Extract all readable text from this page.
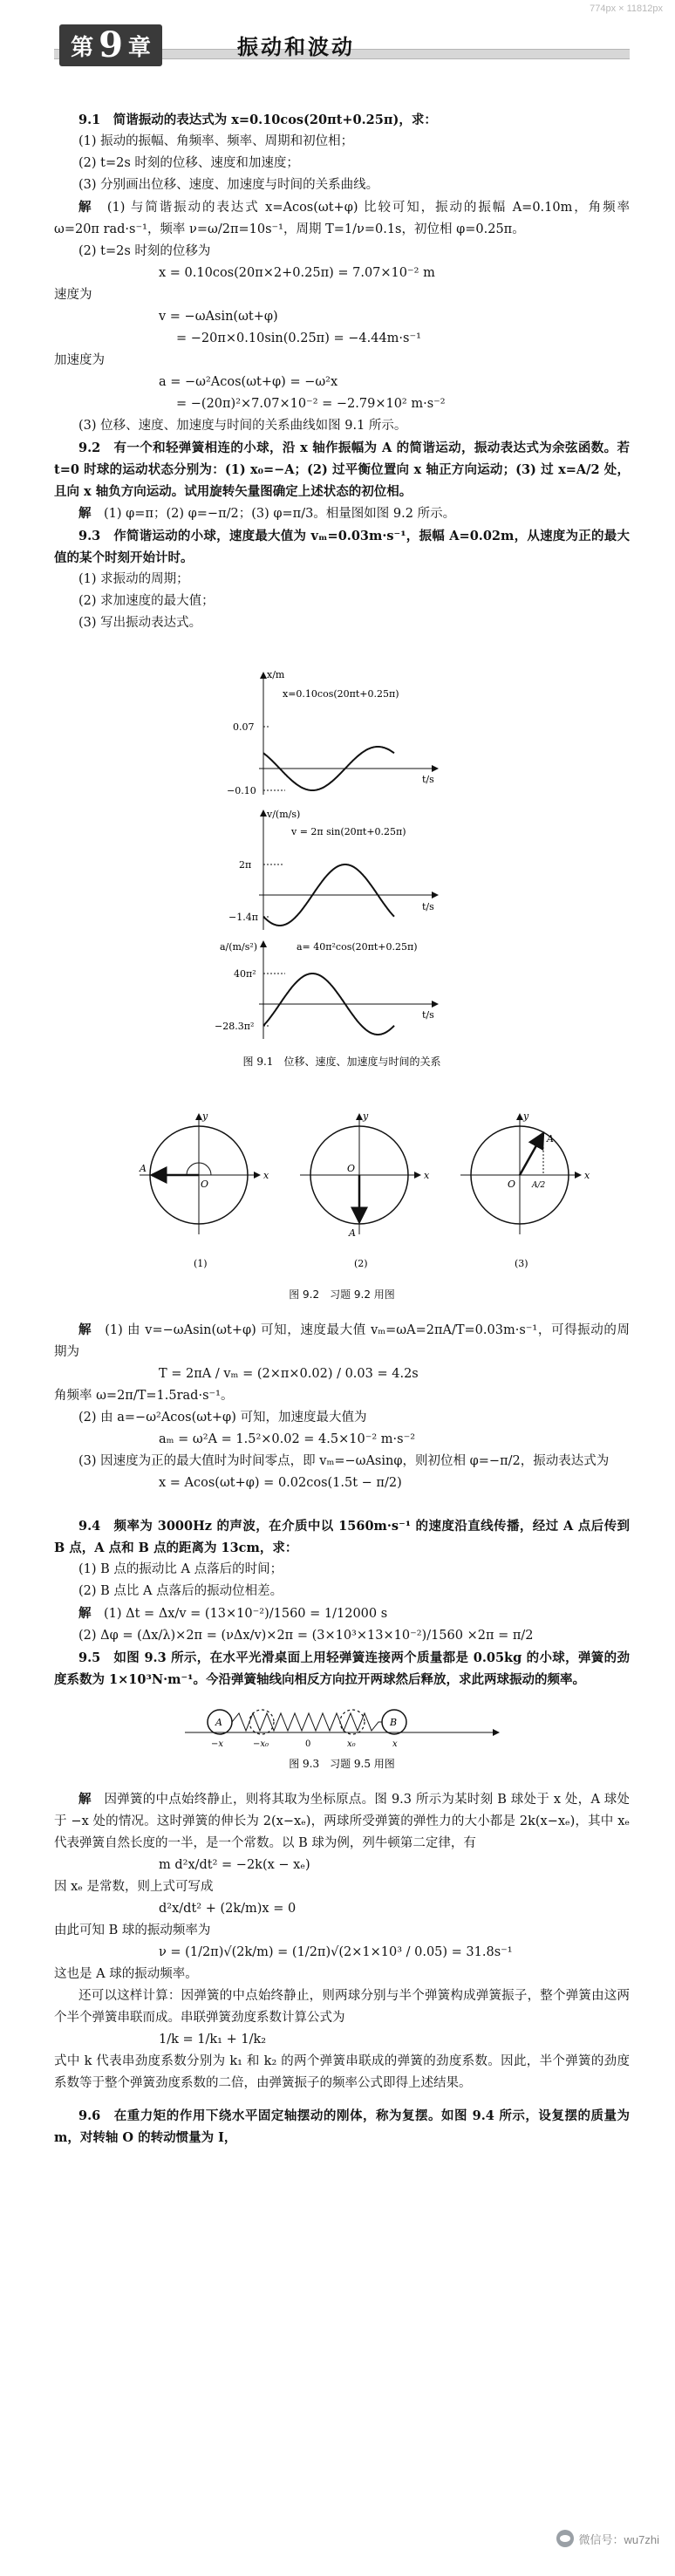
774px × 11812px
第 9 章	振动和波动

9.1　简谐振动的表达式为 x=0.10cos(20πt+0.25π)，求：

(1) 振动的振幅、角频率、频率、周期和初位相；

(2) t=2s 时刻的位移、速度和加速度；

(3) 分别画出位移、速度、加速度与时间的关系曲线。

解　 (1) 与简谐振动的表达式 x=Acos(ωt+φ) 比较可知，振动的振幅 A=0.10m，角频率 ω=20π rad·s⁻¹，频率 ν=ω/2π=10s⁻¹，周期 T=1/ν=0.1s，初位相 φ=0.25π。

(2) t=2s 时刻的位移为

x = 0.10cos(20π×2+0.25π) = 7.07×10⁻² m

速度为

v = −ωAsin(ωt+φ)

= −20π×0.10sin(0.25π) = −4.44m·s⁻¹

加速度为

a = −ω²Acos(ωt+φ) = −ω²x

= −(20π)²×7.07×10⁻² = −2.79×10² m·s⁻²

(3) 位移、速度、加速度与时间的关系曲线如图 9.1 所示。

9.2　有一个和轻弹簧相连的小球，沿 x 轴作振幅为 A 的简谐运动，振动表达式为余弦函数。若 t=0 时球的运动状态分别为：(1) x₀=−A；(2) 过平衡位置向 x 轴正方向运动；(3) 过 x=A/2 处，且向 x 轴负方向运动。试用旋转矢量图确定上述状态的初位相。

解　 (1) φ=π；(2) φ=−π/2；(3) φ=π/3。相量图如图 9.2 所示。

9.3　作简谐运动的小球，速度最大值为 vₘ=0.03m·s⁻¹，振幅 A=0.02m，从速度为正的最大值的某个时刻开始计时。

(1) 求振动的周期；

(2) 求加速度的最大值；

(3) 写出振动表达式。

x/m
x=0.10cos(20πt+0.25π)
0.07
−0.10
t/s
v/(m/s)
v = 2π sin(20πt+0.25π)
2π
−1.4π
t/s
a/(m/s²)	a= 40π²cos(20πt+0.25π)
40π²
−28.3π²
t/s
图 9.1　位移、速度、加速度与时间的关系
y
x
O
A
(1)
y
x
O
A
(2)
y
x
O
A
A/2
(3)
图 9.2　习题 9.2 用图

解　 (1) 由 v=−ωAsin(ωt+φ) 可知，速度最大值 vₘ=ωA=2πA/T=0.03m·s⁻¹，可得振动的周期为

T = 2πA / vₘ = (2×π×0.02) / 0.03 = 4.2s

角频率 ω=2π/T=1.5rad·s⁻¹。

(2) 由 a=−ω²Acos(ωt+φ) 可知，加速度最大值为

aₘ = ω²A = 1.5²×0.02 = 4.5×10⁻² m·s⁻²

(3) 因速度为正的最大值时为时间零点，即 vₘ=−ωAsinφ，则初位相 φ=−π/2，振动表达式为

x = Acos(ωt+φ) = 0.02cos(1.5t − π/2)

9.4　频率为 3000Hz 的声波，在介质中以 1560m·s⁻¹ 的速度沿直线传播，经过 A 点后传到 B 点，A 点和 B 点的距离为 13cm，求：

(1) B 点的振动比 A 点落后的时间；

(2) B 点比 A 点落后的振动位相差。

解　 (1) Δt = Δx/v = (13×10⁻²)/1560 = 1/12000 s

(2) Δφ = (Δx/λ)×2π = (νΔx/v)×2π = (3×10³×13×10⁻²)/1560 ×2π = π/2

9.5　如图 9.3 所示，在水平光滑桌面上用轻弹簧连接两个质量都是 0.05kg 的小球，弹簧的劲度系数为 1×10³N·m⁻¹。今沿弹簧轴线向相反方向拉开两球然后释放，求此两球振动的频率。

A	B
−x	−x₀	0	x₀	x
图 9.3　习题 9.5 用图

解　 因弹簧的中点始终静止，则将其取为坐标原点。图 9.3 所示为某时刻 B 球处于 x 处，A 球处于 −x 处的情况。这时弹簧的伸长为 2(x−xₑ)，两球所受弹簧的弹性力的大小都是 2k(x−xₑ)，其中 xₑ 代表弹簧自然长度的一半，是一个常数。以 B 球为例，列牛顿第二定律，有

m d²x/dt² = −2k(x − xₑ)

因 xₑ 是常数，则上式可写成

d²x/dt² + (2k/m)x = 0

由此可知 B 球的振动频率为

ν = (1/2π)√(2k/m) = (1/2π)√(2×1×10³ / 0.05) = 31.8s⁻¹

这也是 A 球的振动频率。

还可以这样计算：因弹簧的中点始终静止，则两球分别与半个弹簧构成弹簧振子，整个弹簧由这两个半个弹簧串联而成。串联弹簧劲度系数计算公式为

1/k = 1/k₁ + 1/k₂

式中 k 代表串劲度系数分别为 k₁ 和 k₂ 的两个弹簧串联成的弹簧的劲度系数。因此，半个弹簧的劲度系数等于整个弹簧劲度系数的二倍，由弹簧振子的频率公式即得上述结果。

9.6　在重力矩的作用下绕水平固定轴摆动的刚体，称为复摆。如图 9.4 所示，设复摆的质量为 m，对转轴 O 的转动惯量为 I，

微信号：wu7zhi
